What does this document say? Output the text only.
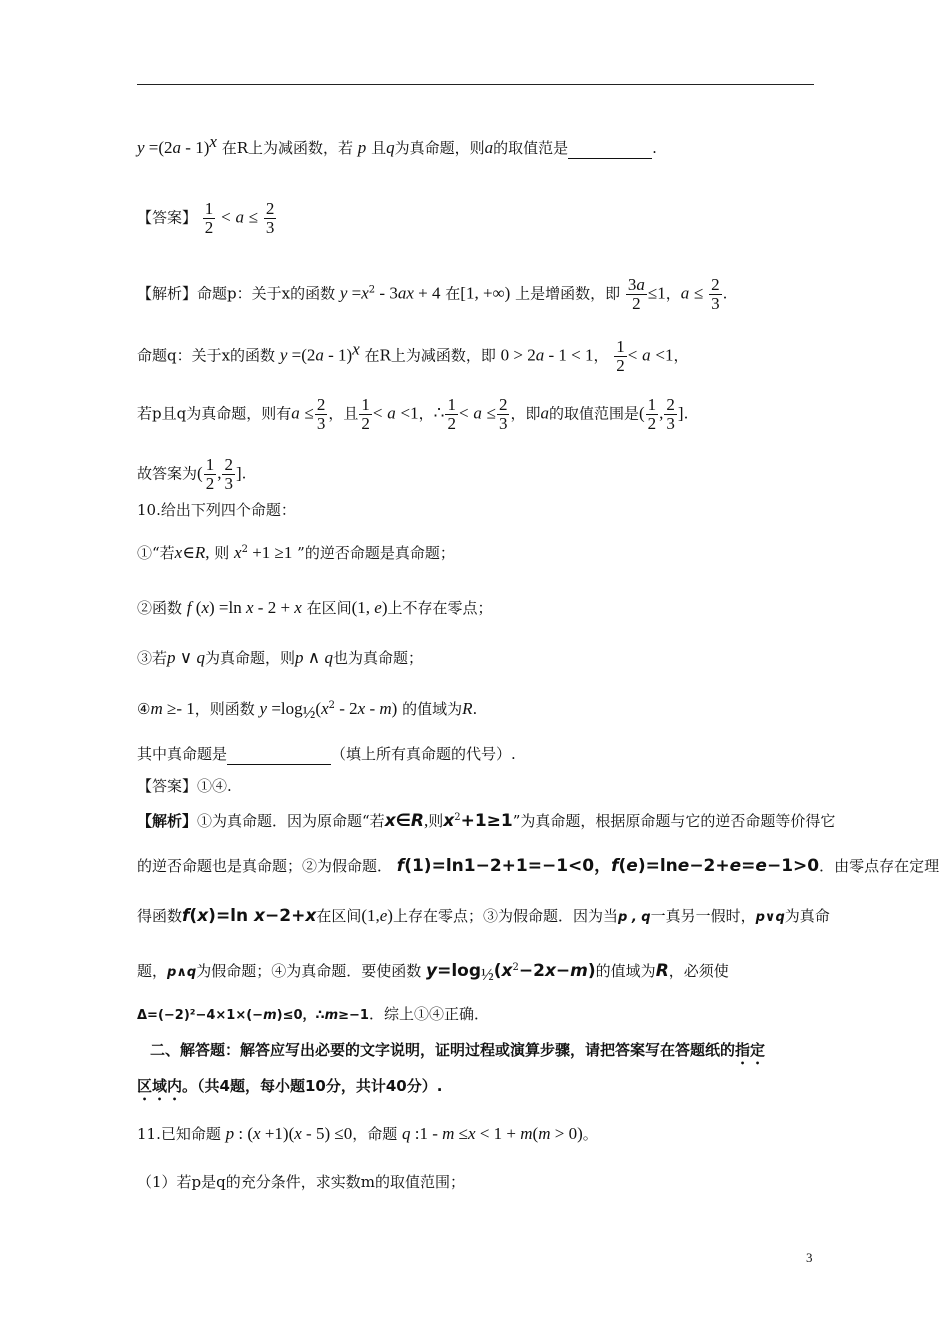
y =(2a - 1)$^x$ 在R上为减函数，若 p 且q为真命题，则a的取值范是	.
【答案】 $\frac{1}{2} < a \le \frac{2}{3}$
【解析】命题p：关于x的函数 $y =x^2 - 3ax + 4$ 在[1, +∞) 上是增函数，即 $\frac{3a}{2} \le 1$，$a \le \frac{2}{3}$ .
命题q：关于x的函数 y =(2a - 1)$^x$ 在R上为减函数，即 0 > 2a - 1 < 1， $\frac{1}{2} < a <1$，
若p且q为真命题，则有$a \le \frac{2}{3}$ ，且 $\frac{1}{2} < a <1$，∴ $\frac{1}{2} < a \le \frac{2}{3}$ ，即a的取值范围是( $\frac{1}{2}$ , $\frac{2}{3}$ ].
故答案为( $\frac{1}{2}$ , $\frac{2}{3}$ ].
10.给出下列四个命题：
①“若x∈R, 则 $x^2 +1 \ge 1$ ”的逆否命题是真命题；
②函数 f (x) =ln x - 2 + x 在区间(1, e)上不存在零点；
③若p ∨ q为真命题，则p ∧ q也为真命题；
④m ≥- 1，则函数 $y =\log_{\frac{1}{2}}(x^2 - 2x - m)$ 的值域为R.
其中真命题是	（填上所有真命题的代号）.
【答案】①④.
【解析】①为真命题．因为原命题“若x∈R,则$x^2+1\ge 1$”为真命题，根据原命题与它的逆否命题等价得它
的逆否命题也是真命题；②为假命题． f(1)=ln1−2+1=−1<0，f(e)=lne−2+e=e−1>0．由零点存在定理
得函数f(x)=ln x−2+x在区间(1,e)上存在零点；③为假命题．因为当p , q一真另一假时，p∨q为真命
题，p∧q为假命题；④为真命题．要使函数 $y=\log_{\frac{1}{2}}(x^2-2x-m)$的值域为R，必须使
Δ=(−2)²−4×1×(−m)≤0，∴m≥−1．综上①④正确．
二、解答题：解答应写出必要的文字说明，证明过程或演算步骤，请把答案写在答题纸的指定
区域内。（共4题，每小题10分，共计40分）.
11.已知命题 p : (x +1)(x - 5) ≤0，命题 q :1 - m ≤x < 1 + m(m > 0)。
（1）若p是q的充分条件，求实数m的取值范围；
3
